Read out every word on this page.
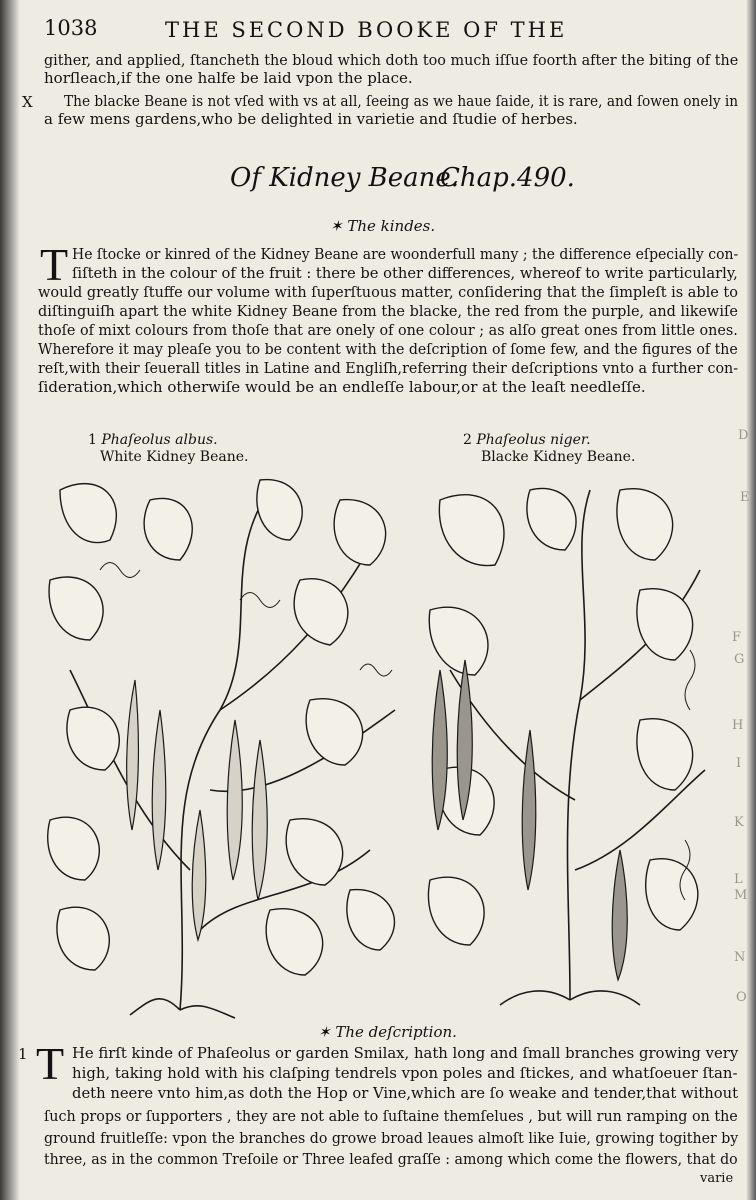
1038	THE SECOND BOOKE OF THE
gither, and applied, ſtancheth the bloud which doth too much iſſue foorth after the biting of the
horſleach,if the one halfe be laid vpon the place.
X The blacke Beane is not vſed with vs at all, ſeeing as we haue ſaide, it is rare, and ſowen onely in
a few mens gardens,who be delighted in varietie and ſtudie of herbes.
Of Kidney Beane.
Chap.490.
✶ The kindes.
T He ſtocke or kinred of the Kidney Beane are woonderfull many ; the difference eſpecially con-
ſiſteth in the colour of the fruit : there be other differences, whereof to write particularly,
would greatly ſtuffe our volume with ſuperſtuous matter, conſidering that the ſimpleſt is able to
diſtinguiſh apart the white Kidney Beane from the blacke, the red from the purple, and likewiſe
thoſe of mixt colours from thoſe that are onely of one colour ; as alſo great ones from little ones.
Wherefore it may pleaſe you to be content with the deſcription of ſome few, and the figures of the
reſt,with their ſeuerall titles in Latine and Engliſh,referring their deſcriptions vnto a further con-
ſideration,which otherwiſe would be an endleſſe labour,or at the leaſt needleſſe.
1 Phaſeolus albus.
White Kidney Beane.
2 Phaſeolus niger.
Blacke Kidney Beane.
D
E
F
G
H
I
K
L
M
N
O
✶ The deſcription.
1 T He firſt kinde of Phaſeolus or garden Smilax, hath long and ſmall branches growing very
high, taking hold with his claſping tendrels vpon poles and ſtickes, and whatſoeuer ſtan-
deth neere vnto him,as doth the Hop or Vine,which are ſo weake and tender,that without
ſuch props or ſupporters , they are not able to ſuſtaine themſelues , but will run ramping on the
ground fruitleſſe: vpon the branches do growe broad leaues almoſt like Iuie, growing togither by
three, as in the common Treſoile or Three leafed graſſe : among which come the flowers, that do
varie
